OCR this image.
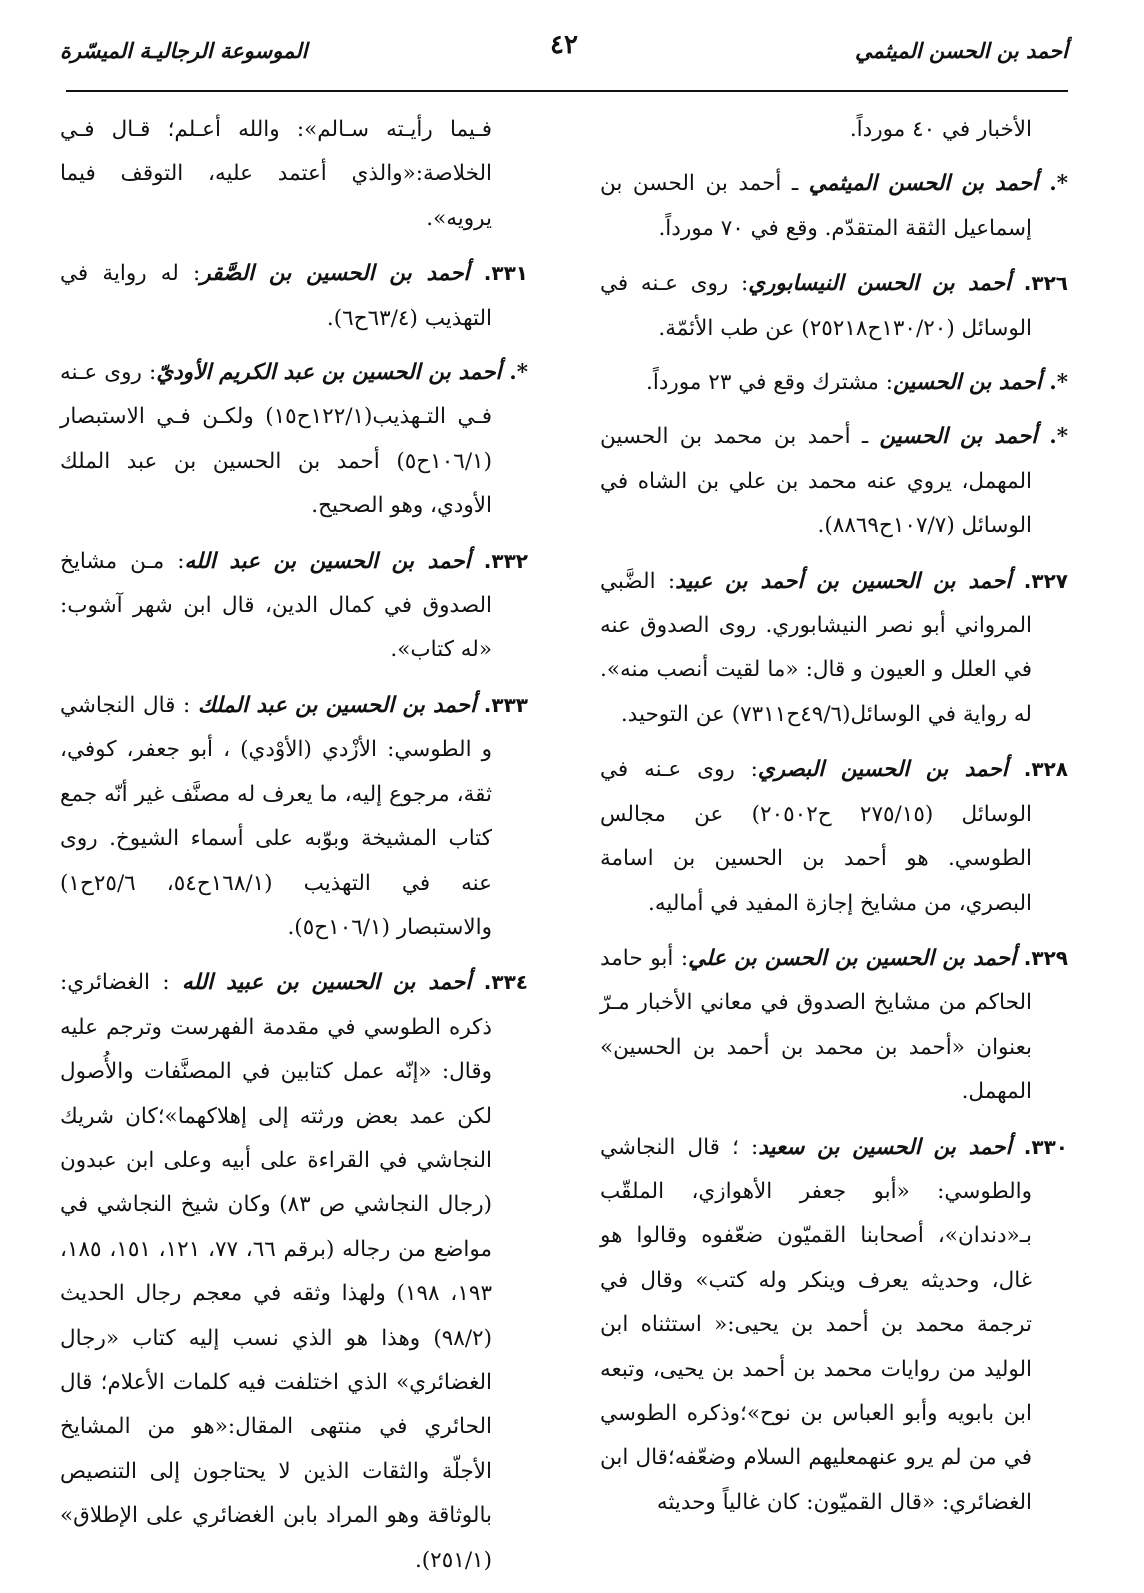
أحمد بن الحسن الميثمي
٤٢
الموسوعة الرجاليـة الميسّرة

الأخبار في ٤٠ مورداً.

*. أحمد بن الحسن الميثمي ـ أحمد بن الحسن بن إسماعيل الثقة المتقدّم. وقع في ٧٠ مورداً.

٣٢٦. أحمد بن الحسن النيسابوري: روى عـنه في الوسائل (١٣٠/٢٠ح٢٥٢١٨) عن طب الأئمّة.

*. أحمد بن الحسين: مشترك وقع في ٢٣ مورداً.

*. أحمد بن الحسين ـ أحمد بن محمد بن الحسين المهمل، يروي عنه محمد بن علي بن الشاه في الوسائل (١٠٧/٧ح٨٨٦٩).

٣٢٧. أحمد بن الحسين بن أحمد بن عبيد: الضَّبي المرواني أبو نصر النيشابوري. روى الصدوق عنه في العلل و العيون و قال: «ما لقيت أنصب منه». له رواية في الوسائل(٤٩/٦ح٧٣١١) عن التوحيد.

٣٢٨. أحمد بن الحسين البصري: روى عـنه في الوسائل (٢٧٥/١٥ ح٢٠٥٠٢) عن مجالس الطوسي. هو أحمد بن الحسين بن اسامة البصري، من مشايخ إجازة المفيد في أماليه.

٣٢٩. أحمد بن الحسين بن الحسن بن علي: أبو حامد الحاكم من مشايخ الصدوق في معاني الأخبار مـرّ بعنوان «أحمد بن محمد بن أحمد بن الحسين» المهمل.

٣٣٠. أحمد بن الحسين بن سعيد: ؛ قال النجاشي والطوسي: «أبو جعفر الأهوازي، الملقّب بـ«دندان»، أصحابنا القميّون ضعّفوه وقالوا هو غال، وحديثه يعرف وينكر وله كتب» وقال في ترجمة محمد بن أحمد بن يحيى:« استثناه ابن الوليد من روايات محمد بن أحمد بن يحيى، وتبعه ابن بابويه وأبو العباس بن نوح»؛وذكره الطوسي في من لم يرو عنهمعليهم السلام وضعّفه؛قال ابن الغضائري: «قال القميّون: كان غالياً وحديثه

فـيما رأيـته سـالم»: والله أعـلم؛ قـال فـي الخلاصة:«والذي أعتمد عليه، التوقف فيما يرويه».

٣٣١. أحمد بن الحسين بن الصَّقر: له رواية في التهذيب (٦٣/٤ح٦).

*. أحمد بن الحسين بن عبد الكريم الأوديّ: روى عـنه فـي التـهذيب(١٢٢/١ح١٥) ولكـن فـي الاستبصار (١٠٦/١ح٥) أحمد بن الحسين بن عبد الملك الأودي، وهو الصحيح.

٣٣٢. أحمد بن الحسين بن عبد الله: مـن مشايخ الصدوق في كمال الدين، قال ابن شهر آشوب: «له كتاب».

٣٣٣. أحمد بن الحسين بن عبد الملك : قال النجاشي و الطوسي: الأزْدي (الأوْدي) ، أبو جعفر، كوفي، ثقة، مرجوع إليه، ما يعرف له مصنَّف غير أنّه جمع كتاب المشيخة وبوّبه على أسماء الشيوخ. روى عنه في التهذيب (١٦٨/١ح٥٤، ٢٥/٦ح١) والاستبصار (١٠٦/١ح٥).

٣٣٤. أحمد بن الحسين بن عبيد الله : الغضائري: ذكره الطوسي في مقدمة الفهرست وترجم عليه وقال: «إنّه عمل كتابين في المصنَّفات والأُصول لكن عمد بعض ورثته إلى إهلاكهما»؛كان شريك النجاشي في القراءة على أبيه وعلى ابن عبدون (رجال النجاشي ص ٨٣) وكان شيخ النجاشي في مواضع من رجاله (برقم ٦٦، ٧٧، ١٢١، ١٥١، ١٨٥، ١٩٣، ١٩٨) ولهذا وثقه في معجم رجال الحديث (٩٨/٢) وهذا هو الذي نسب إليه كتاب «رجال الغضائري» الذي اختلفت فيه كلمات الأعلام؛ قال الحائري في منتهى المقال:«هو من المشايخ الأجلّة والثقات الذين لا يحتاجون إلى التنصيص بالوثاقة وهو المراد بابن الغضائري على الإطلاق» (٢٥١/١).
